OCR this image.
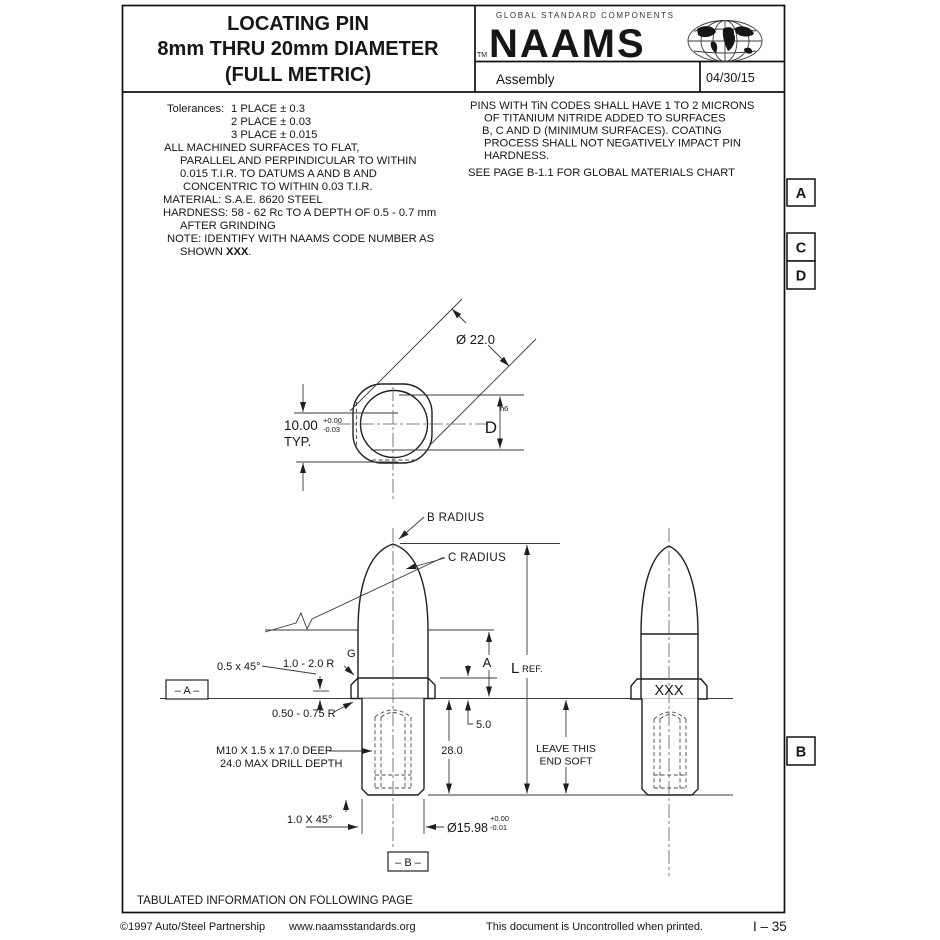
LOCATING PIN
8mm THRU 20mm DIAMETER
(FULL METRIC)
GLOBAL STANDARD COMPONENTS
TM NAAMS
Assembly	04/30/15
A
C
D
B
Tolerances: 1 PLACE ± 0.3
2 PLACE ± 0.03
3 PLACE ± 0.015
ALL MACHINED SURFACES TO FLAT,
PARALLEL AND PERPINDICULAR TO WITHIN
0.015 T.I.R. TO DATUMS A AND B AND
CONCENTRIC TO WITHIN 0.03 T.I.R.
MATERIAL: S.A.E. 8620 STEEL
HARDNESS: 58 - 62 Rc TO A DEPTH OF 0.5 - 0.7 mm
AFTER GRINDING
NOTE: IDENTIFY WITH NAAMS CODE NUMBER AS
SHOWN XXX.
PINS WITH TiN CODES SHALL HAVE 1 TO 2 MICRONS
OF TITANIUM NITRIDE ADDED TO SURFACES
B, C AND D (MINIMUM SURFACES). COATING
PROCESS SHALL NOT NEGATIVELY IMPACT PIN
HARDNESS.
SEE PAGE B-1.1 FOR GLOBAL MATERIALS CHART
10.00 +0.00
-0.03
TYP.
Ø 22.0
D
h6
B RADIUS
C RADIUS
G
1.0 - 2.0 R
0.5 x 45°
– A –
0.50 - 0.75 R
M10 X 1.5 x 17.0 DEEP
24.0 MAX DRILL DEPTH
A
5.0
28.0
L REF.
LEAVE THIS
END SOFT
1.0 X 45°
Ø15.98
+0.00
-0.01
– B –
XXX
TABULATED INFORMATION ON FOLLOWING PAGE
©1997 Auto/Steel Partnership www.naamsstandards.org	This document is Uncontrolled when printed.	I – 35
